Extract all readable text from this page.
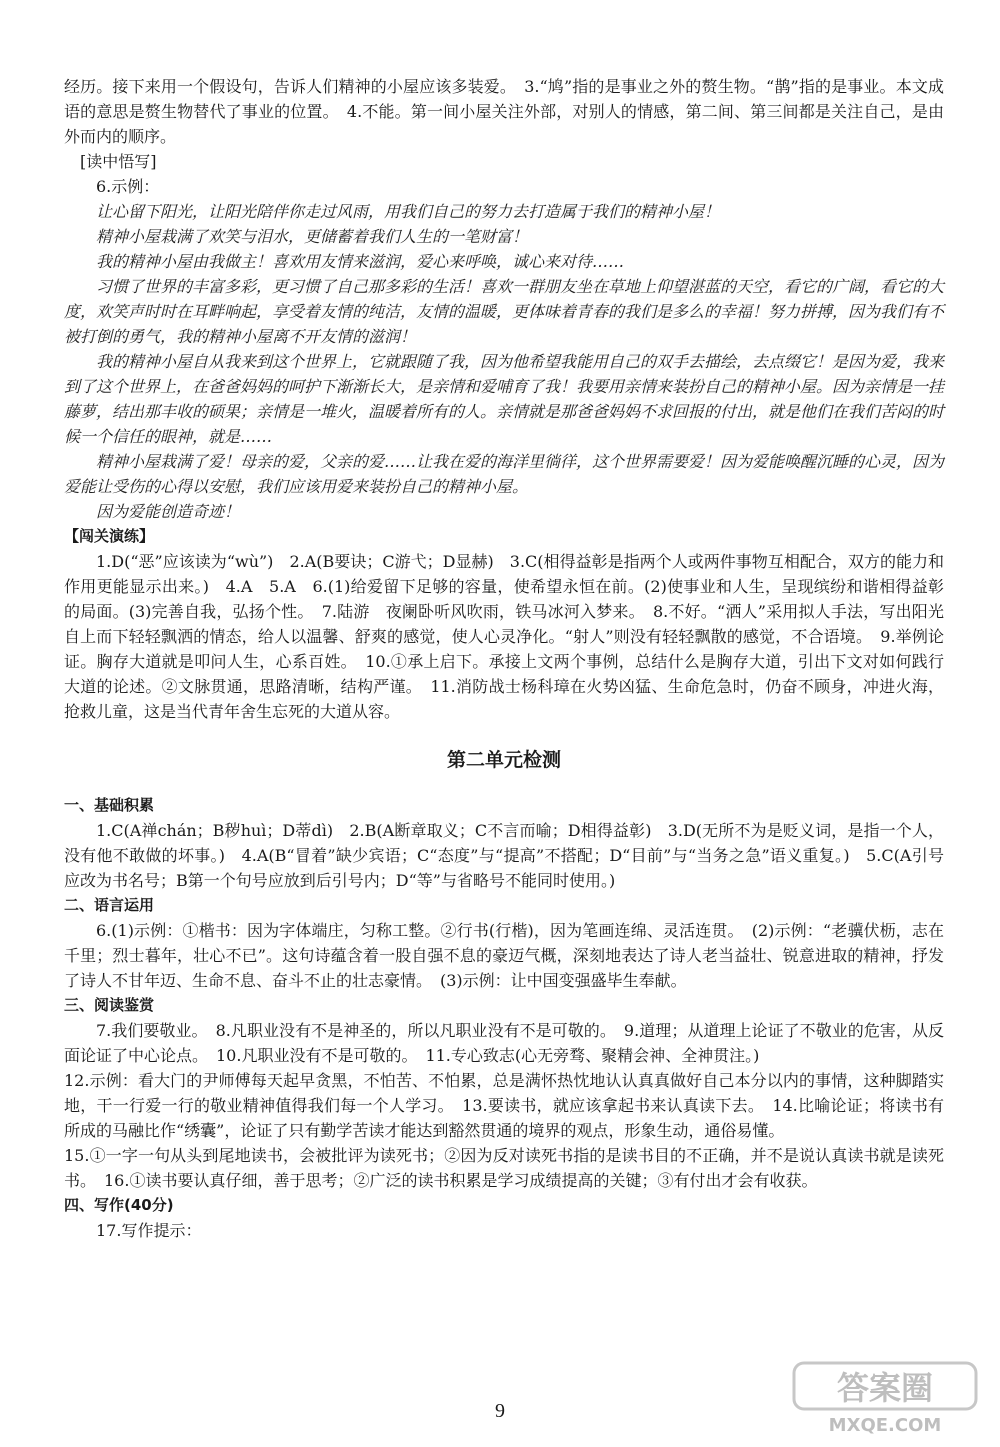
经历。接下来用一个假设句，告诉人们精神的小屋应该多装爱。　3.“鸠”指的是事业之外的赘生物。“鹊”指的是事业。本文成语的意思是赘生物替代了事业的位置。　4.不能。第一间小屋关注外部，对别人的情感，第二间、第三间都是关注自己，是由外而内的顺序。

[读中悟写]

6.示例：

让心留下阳光，让阳光陪伴你走过风雨，用我们自己的努力去打造属于我们的精神小屋！

精神小屋栽满了欢笑与泪水，更储蓄着我们人生的一笔财富！

我的精神小屋由我做主！喜欢用友情来滋润，爱心来呼唤，诚心来对待……

习惯了世界的丰富多彩，更习惯了自己那多彩的生活！喜欢一群朋友坐在草地上仰望湛蓝的天空，看它的广阔，看它的大度，欢笑声时时在耳畔响起，享受着友情的纯洁，友情的温暖，更体味着青春的我们是多么的幸福！努力拼搏，因为我们有不被打倒的勇气，我的精神小屋离不开友情的滋润！

我的精神小屋自从我来到这个世界上，它就跟随了我，因为他希望我能用自己的双手去描绘，去点缀它！是因为爱，我来到了这个世界上，在爸爸妈妈的呵护下渐渐长大，是亲情和爱哺育了我！我要用亲情来装扮自己的精神小屋。因为亲情是一挂藤萝，结出那丰收的硕果；亲情是一堆火，温暖着所有的人。亲情就是那爸爸妈妈不求回报的付出，就是他们在我们苦闷的时候一个信任的眼神，就是……

精神小屋栽满了爱！母亲的爱，父亲的爱……让我在爱的海洋里徜徉，这个世界需要爱！因为爱能唤醒沉睡的心灵，因为爱能让受伤的心得以安慰，我们应该用爱来装扮自己的精神小屋。

因为爱能创造奇迹！

【闯关演练】

1.D(“恶”应该读为“wù”)　2.A(B要诀；C游弋；D显赫)　3.C(相得益彰是指两个人或两件事物互相配合，双方的能力和作用更能显示出来。)　4.A　5.A　6.(1)给爱留下足够的容量，使希望永恒在前。(2)使事业和人生，呈现缤纷和谐相得益彰的局面。(3)完善自我，弘扬个性。　7.陆游　夜阑卧听风吹雨，铁马冰河入梦来。　8.不好。“洒人”采用拟人手法，写出阳光自上而下轻轻飘洒的情态，给人以温馨、舒爽的感觉，使人心灵净化。“射人”则没有轻轻飘散的感觉，不合语境。　9.举例论证。胸存大道就是叩问人生，心系百姓。　10.①承上启下。承接上文两个事例，总结什么是胸存大道，引出下文对如何践行大道的论述。②文脉贯通，思路清晰，结构严谨。　11.消防战士杨科璋在火势凶猛、生命危急时，仍奋不顾身，冲进火海，抢救儿童，这是当代青年舍生忘死的大道从容。

第二单元检测

一、基础积累

1.C(A禅chán；B秽huì；D蒂dì)　2.B(A断章取义；C不言而喻；D相得益彰)　3.D(无所不为是贬义词，是指一个人，没有他不敢做的坏事。)　4.A(B“冒着”缺少宾语；C“态度”与“提高”不搭配；D“目前”与“当务之急”语义重复。)　5.C(A引号应改为书名号；B第一个句号应放到后引号内；D“等”与省略号不能同时使用。)

二、语言运用

6.(1)示例：①楷书：因为字体端庄，匀称工整。②行书(行楷)，因为笔画连绵、灵活连贯。　(2)示例：“老骥伏枥，志在千里；烈士暮年，壮心不已”。这句诗蕴含着一股自强不息的豪迈气概，深刻地表达了诗人老当益壮、锐意进取的精神，抒发了诗人不甘年迈、生命不息、奋斗不止的壮志豪情。　(3)示例：让中国变强盛毕生奉献。

三、阅读鉴赏

7.我们要敬业。　8.凡职业没有不是神圣的，所以凡职业没有不是可敬的。　9.道理；从道理上论证了不敬业的危害，从反面论证了中心论点。　10.凡职业没有不是可敬的。　11.专心致志(心无旁骛、聚精会神、全神贯注。)

12.示例：看大门的尹师傅每天起早贪黑，不怕苦、不怕累，总是满怀热忱地认认真真做好自己本分以内的事情，这种脚踏实地，干一行爱一行的敬业精神值得我们每一个人学习。　13.要读书，就应该拿起书来认真读下去。　14.比喻论证；将读书有所成的马融比作“绣囊”，论证了只有勤学苦读才能达到豁然贯通的境界的观点，形象生动，通俗易懂。

15.①一字一句从头到尾地读书，会被批评为读死书；②因为反对读死书指的是读书目的不正确，并不是说认真读书就是读死书。　16.①读书要认真仔细，善于思考；②广泛的读书积累是学习成绩提高的关键；③有付出才会有收获。

四、写作(40分)

17.写作提示：

9
答案圈
MXQE.COM
